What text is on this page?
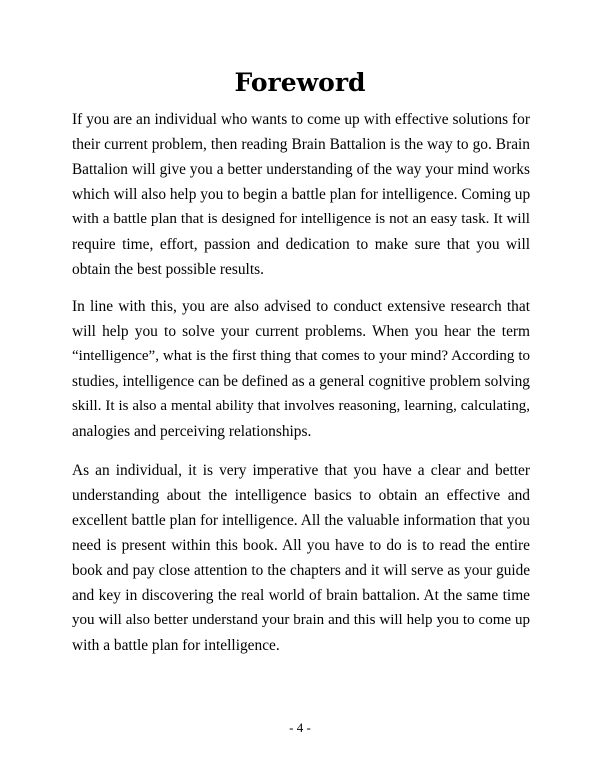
Foreword

If you are an individual who wants to come up with effective solutions for
their current problem, then reading Brain Battalion is the way to go. Brain
Battalion will give you a better understanding of the way your mind works
which will also help you to begin a battle plan for intelligence. Coming up
with a battle plan that is designed for intelligence is not an easy task. It will
require time, effort, passion and dedication to make sure that you will
obtain the best possible results.

In line with this, you are also advised to conduct extensive research that
will help you to solve your current problems. When you hear the term
“intelligence”, what is the first thing that comes to your mind? According to
studies, intelligence can be defined as a general cognitive problem solving
skill. It is also a mental ability that involves reasoning, learning, calculating,
analogies and perceiving relationships.

As an individual, it is very imperative that you have a clear and better
understanding about the intelligence basics to obtain an effective and
excellent battle plan for intelligence. All the valuable information that you
need is present within this book. All you have to do is to read the entire
book and pay close attention to the chapters and it will serve as your guide
and key in discovering the real world of brain battalion. At the same time
you will also better understand your brain and this will help you to come up
with a battle plan for intelligence.

- 4 -
